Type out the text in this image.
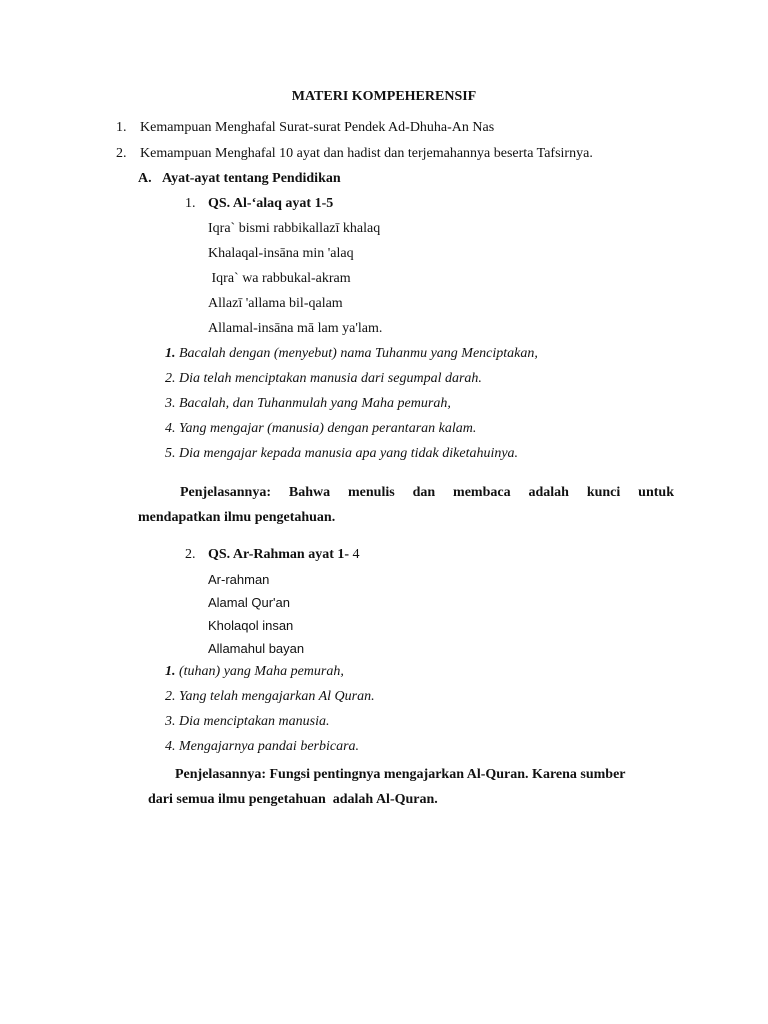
MATERI KOMPEHERENSIF
1. Kemampuan Menghafal Surat-surat Pendek Ad-Dhuha-An Nas
2. Kemampuan Menghafal 10 ayat dan hadist dan terjemahannya beserta Tafsirnya.
A. Ayat-ayat tentang Pendidikan
1. QS. Al-‘alaq ayat 1-5
Iqra` bismi rabbikallazī khalaq
Khalaqal-insāna min 'alaq
Iqra` wa rabbukal-akram
Allazī 'allama bil-qalam
Allamal-insāna mā lam ya'lam.
1. Bacalah dengan (menyebut) nama Tuhanmu yang Menciptakan,
2. Dia telah menciptakan manusia dari segumpal darah.
3. Bacalah, dan Tuhanmulah yang Maha pemurah,
4. Yang mengajar (manusia) dengan perantaran kalam.
5. Dia mengajar kepada manusia apa yang tidak diketahuinya.
Penjelasannya: Bahwa menulis dan membaca adalah kunci untuk
mendapatkan ilmu pengetahuan.
2. QS. Ar-Rahman ayat 1- 4
Ar-rahman
Alamal Qur'an
Kholaqol insan
Allamahul bayan
1. (tuhan) yang Maha pemurah,
2. Yang telah mengajarkan Al Quran.
3. Dia menciptakan manusia.
4. Mengajarnya pandai berbicara.
Penjelasannya: Fungsi pentingnya mengajarkan Al-Quran. Karena sumber
dari semua ilmu pengetahuan  adalah Al-Quran.
